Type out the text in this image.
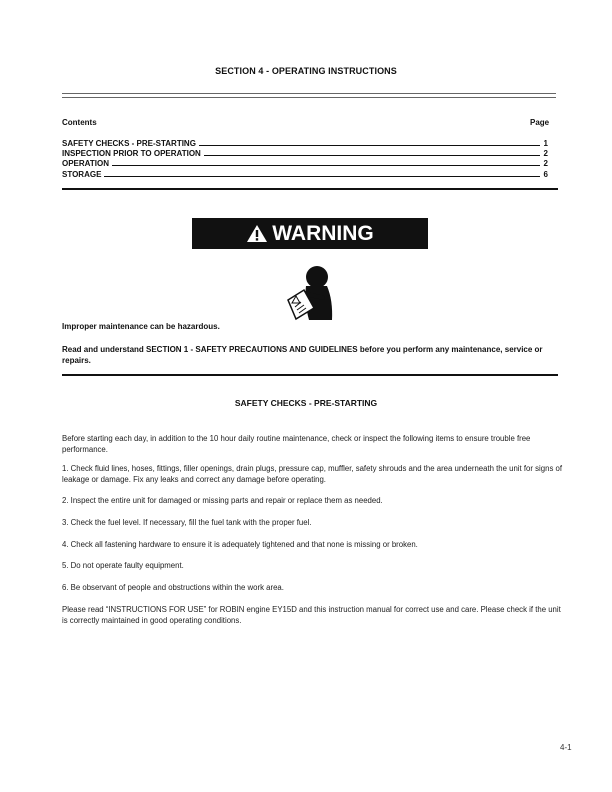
SECTION 4 - OPERATING INSTRUCTIONS
Contents	Page
SAFETY CHECKS - PRE-STARTING	1
INSPECTION PRIOR TO OPERATION	2
OPERATION	2
STORAGE	6
WARNING
Improper maintenance can be hazardous.
Read and understand SECTION 1 - SAFETY PRECAUTIONS AND GUIDELINES before you perform any maintenance, service or repairs.
SAFETY CHECKS - PRE-STARTING
Before starting each day, in addition to the 10 hour daily routine maintenance, check or inspect the following items to ensure trouble free performance.
1. Check fluid lines, hoses, fittings, filler openings, drain plugs, pressure cap, muffler, safety shrouds and the area underneath the unit for signs of leakage or damage. Fix any leaks and correct any damage before operating.
2. Inspect the entire unit for damaged or missing parts and repair or replace them as needed.
3. Check the fuel level. If necessary, fill the fuel tank with the proper fuel.
4. Check all fastening hardware to ensure it is adequately tightened and that none is missing or broken.
5. Do not operate faulty equipment.
6. Be observant of people and obstructions within the work area.
Please read “INSTRUCTIONS FOR USE” for ROBIN engine EY15D and this instruction manual for correct use and care. Please check if the unit is correctly maintained in good operating conditions.
4-1
